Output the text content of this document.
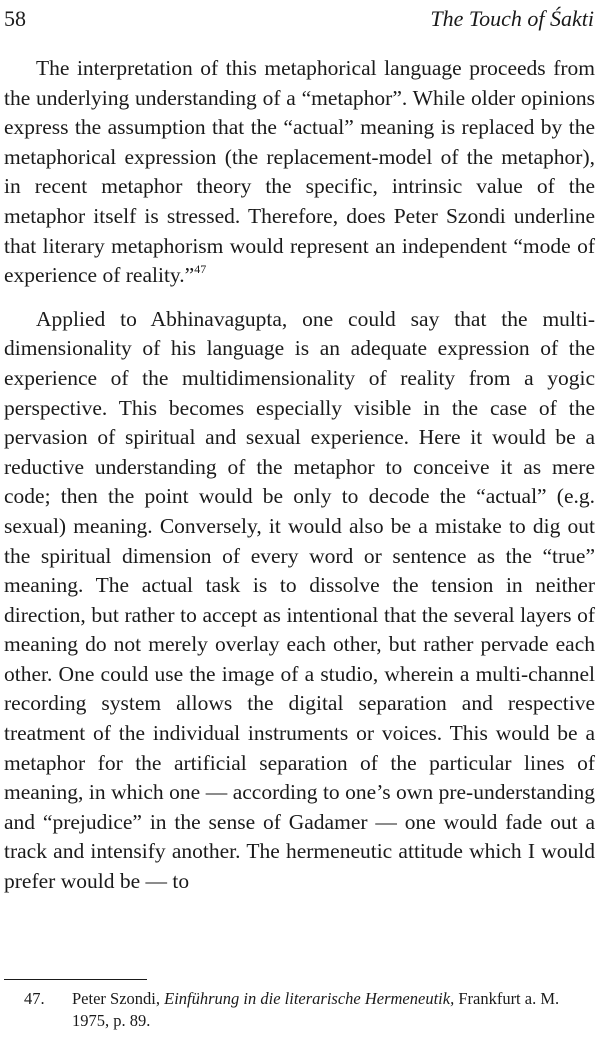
58	The Touch of Śakti

The interpretation of this metaphorical language proceeds from the underlying understanding of a “metaphor”. While older opinions express the assumption that the “actual” meaning is replaced by the metaphorical expression (the replacement-model of the metaphor), in recent metaphor theory the specific, intrinsic value of the metaphor itself is stressed. Therefore, does Peter Szondi underline that literary metaphorism would represent an independent “mode of experience of reality.”$^{47}$

Applied to Abhinavagupta, one could say that the multi-dimensionality of his language is an adequate expression of the experience of the multidimensionality of reality from a yogic perspective. This becomes especially visible in the case of the pervasion of spiritual and sexual experience. Here it would be a reductive understanding of the metaphor to conceive it as mere code; then the point would be only to decode the “actual” (e.g. sexual) meaning. Conversely, it would also be a mistake to dig out the spiritual dimension of every word or sentence as the “true” meaning. The actual task is to dissolve the tension in neither direction, but rather to accept as intentional that the several layers of meaning do not merely overlay each other, but rather pervade each other. One could use the image of a studio, wherein a multi-channel recording system allows the digital separation and respective treatment of the individual instruments or voices. This would be a metaphor for the artificial separation of the particular lines of meaning, in which one — according to one’s own pre-understanding and “prejudice” in the sense of Gadamer — one would fade out a track and intensify another. The hermeneutic attitude which I would prefer would be — to

47. Peter Szondi, Einführung in die literarische Hermeneutik, Frankfurt a. M. 1975, p. 89.
